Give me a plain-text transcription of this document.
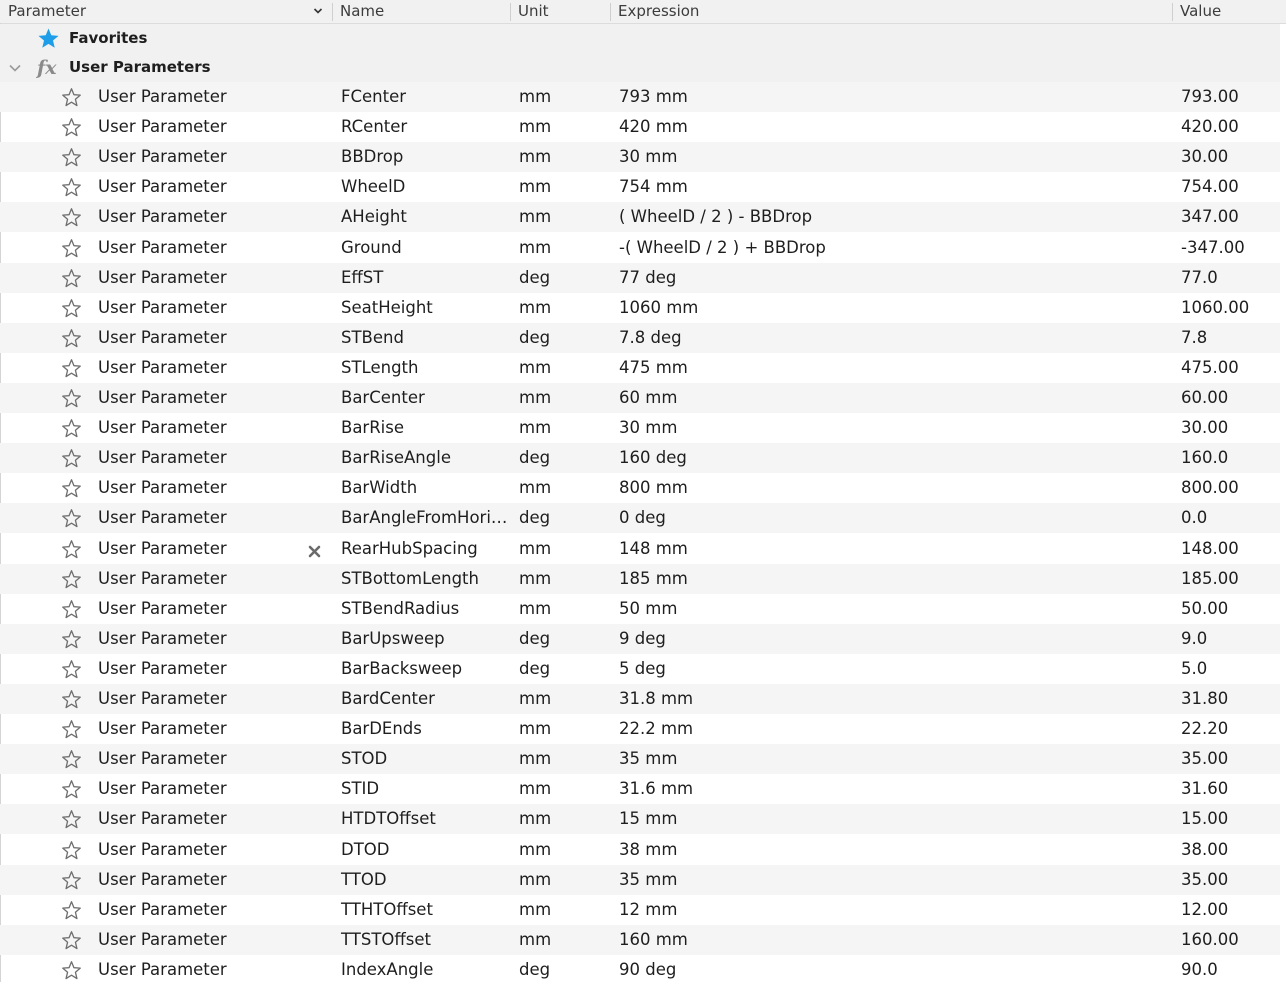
Parameter	Name	Unit	Expression	Value
Favorites
fx User Parameters
User Parameter	FCenter	mm	793 mm	793.00
User Parameter	RCenter	mm	420 mm	420.00
User Parameter	BBDrop	mm	30 mm	30.00
User Parameter	WheelD	mm	754 mm	754.00
User Parameter	AHeight	mm	( WheelD / 2 ) - BBDrop	347.00
User Parameter	Ground	mm	-( WheelD / 2 ) + BBDrop	-347.00
User Parameter	EffST	deg	77 deg	77.0
User Parameter	SeatHeight	mm	1060 mm	1060.00
User Parameter	STBend	deg	7.8 deg	7.8
User Parameter	STLength	mm	475 mm	475.00
User Parameter	BarCenter	mm	60 mm	60.00
User Parameter	BarRise	mm	30 mm	30.00
User Parameter	BarRiseAngle	deg	160 deg	160.0
User Parameter	BarWidth	mm	800 mm	800.00
User Parameter	BarAngleFromHori… deg	0 deg	0.0
User Parameter	RearHubSpacing mm	148 mm	148.00
User Parameter	STBottomLength mm	185 mm	185.00
User Parameter	STBendRadius	mm	50 mm	50.00
User Parameter	BarUpsweep	deg	9 deg	9.0
User Parameter	BarBacksweep	deg	5 deg	5.0
User Parameter	BardCenter	mm	31.8 mm	31.80
User Parameter	BarDEnds	mm	22.2 mm	22.20
User Parameter	STOD	mm	35 mm	35.00
User Parameter	STID	mm	31.6 mm	31.60
User Parameter	HTDTOffset	mm	15 mm	15.00
User Parameter	DTOD	mm	38 mm	38.00
User Parameter	TTOD	mm	35 mm	35.00
User Parameter	TTHTOffset	mm	12 mm	12.00
User Parameter	TTSTOffset	mm	160 mm	160.00
User Parameter	IndexAngle	deg	90 deg	90.0
